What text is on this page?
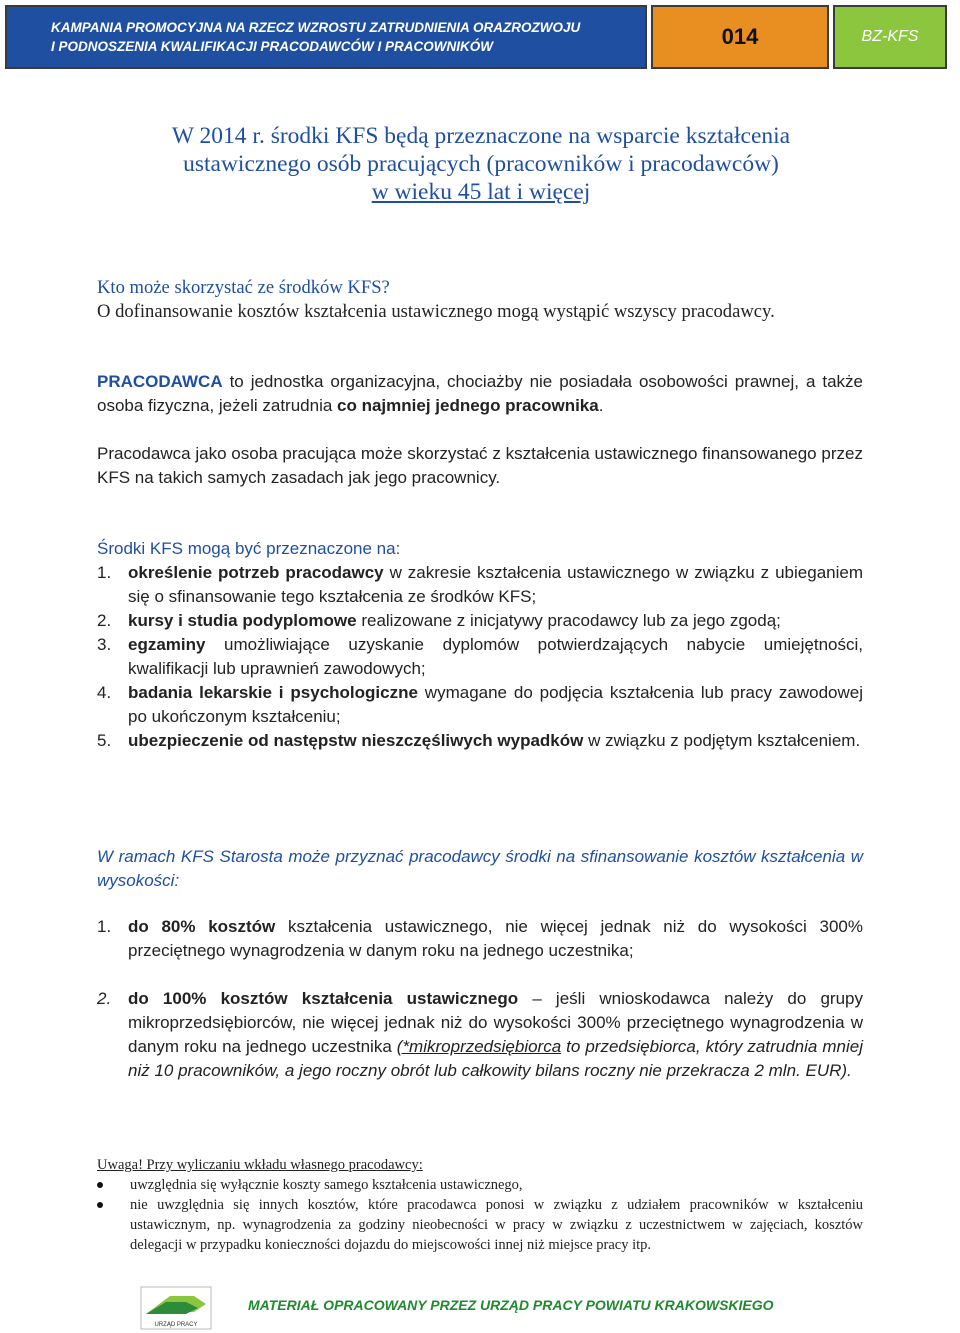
KAMPANIA PROMOCYJNA NA RZECZ WZROSTU ZATRUDNIENIA ORAZROZWOJU
I PODNOSZENIA KWALIFIKACJI PRACODAWCÓW I PRACOWNIKÓW	014	BZ-KFS
W 2014 r. środki KFS będą przeznaczone na wsparcie kształcenia
ustawicznego osób pracujących (pracowników i pracodawców)
w wieku 45 lat i więcej
Kto może skorzystać ze środków KFS?
O dofinansowanie kosztów kształcenia ustawicznego mogą wystąpić wszyscy pracodawcy.
PRACODAWCA to jednostka organizacyjna, chociażby nie posiadała osobowości prawnej, a także osoba fizyczna, jeżeli zatrudnia co najmniej jednego pracownika.
Pracodawca jako osoba pracująca może skorzystać z kształcenia ustawicznego finansowanego przez KFS na takich samych zasadach jak jego pracownicy.
Środki KFS mogą być przeznaczone na:
1. określenie potrzeb pracodawcy w zakresie kształcenia ustawicznego w związku z ubieganiem się o sfinansowanie tego kształcenia ze środków KFS;
2. kursy i studia podyplomowe realizowane z inicjatywy pracodawcy lub za jego zgodą;
3. egzaminy umożliwiające uzyskanie dyplomów potwierdzających nabycie umiejętności, kwalifikacji lub uprawnień zawodowych;
4. badania lekarskie i psychologiczne wymagane do podjęcia kształcenia lub pracy zawodowej po ukończonym kształceniu;
5. ubezpieczenie od następstw nieszczęśliwych wypadków w związku z podjętym kształceniem.
W ramach KFS Starosta może przyznać pracodawcy środki na sfinansowanie kosztów kształcenia w wysokości:
1. do 80% kosztów kształcenia ustawicznego, nie więcej jednak niż do wysokości 300% przeciętnego wynagrodzenia w danym roku na jednego uczestnika;
2. do 100% kosztów kształcenia ustawicznego – jeśli wnioskodawca należy do grupy mikroprzedsiębiorców, nie więcej jednak niż do wysokości 300% przeciętnego wynagrodzenia w danym roku na jednego uczestnika (*mikroprzedsiębiorca to przedsiębiorca, który zatrudnia mniej niż 10 pracowników, a jego roczny obrót lub całkowity bilans roczny nie przekracza 2 mln. EUR).
Uwaga! Przy wyliczaniu wkładu własnego pracodawcy:
uwzględnia się wyłącznie koszty samego kształcenia ustawicznego,
nie uwzględnia się innych kosztów, które pracodawca ponosi w związku z udziałem pracowników w kształceniu ustawicznym, np. wynagrodzenia za godziny nieobecności w pracy w związku z uczestnictwem w zajęciach, kosztów delegacji w przypadku konieczności dojazdu do miejscowości innej niż miejsce pracy itp.
URZĄD PRACY
MATERIAŁ OPRACOWANY PRZEZ URZĄD PRACY POWIATU KRAKOWSKIEGO
